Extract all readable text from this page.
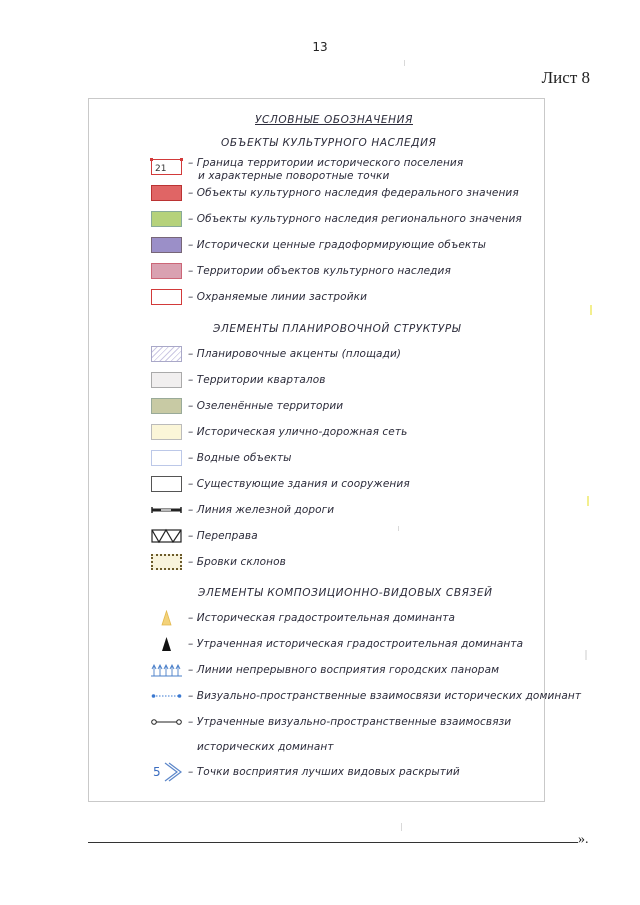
13
Лист 8
УСЛОВНЫЕ ОБОЗНАЧЕНИЯ
ОБЪЕКТЫ КУЛЬТУРНОГО НАСЛЕДИЯ
21 – Граница территории исторического поселения
и характерные поворотные точки
– Объекты культурного наследия федерального значения
– Объекты культурного наследия регионального значения
– Исторически ценные градоформирующие объекты
– Территории объектов культурного наследия
– Охраняемые линии застройки
ЭЛЕМЕНТЫ ПЛАНИРОВОЧНОЙ СТРУКТУРЫ
– Планировочные акценты (площади)
– Территории кварталов
– Озеленённые территории
– Историческая улично-дорожная сеть
– Водные объекты
– Существующие здания и сооружения
– Линия железной дороги
– Переправа
– Бровки склонов
ЭЛЕМЕНТЫ КОМПОЗИЦИОННО-ВИДОВЫХ СВЯЗЕЙ
– Историческая градостроительная доминанта
– Утраченная историческая градостроительная доминанта
– Линии непрерывного восприятия городских панорам
– Визуально-пространственные взаимосвязи исторических доминант
– Утраченные визуально-пространственные взаимосвязи
исторических доминант
5	– Точки восприятия лучших видовых раскрытий
».
